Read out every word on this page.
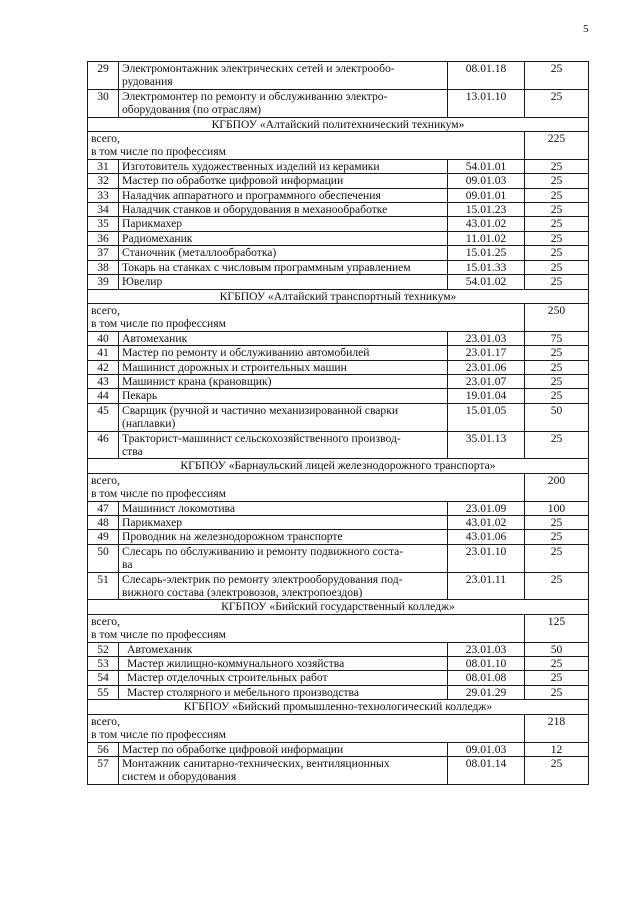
5
29	Электромонтажник электрических сетей и электрообо-
рудования	08.01.18	25
30	Электромонтер по ремонту и обслуживанию электро-
оборудования (по отраслям)	13.01.10	25
КГБПОУ «Алтайский политехнический техникум»			
всего,
в том числе по профессиям			225
31	Изготовитель художественных изделий из керамики	54.01.01	25
32	Мастер по обработке цифровой информации	09.01.03	25
33	Наладчик аппаратного и программного обеспечения	09.01.01	25
34	Наладчик станков и оборудования в механообработке	15.01.23	25
35	Парикмахер	43.01.02	25
36	Радиомеханик	11.01.02	25
37	Станочник (металлообработка)	15.01.25	25
38	Токарь на станках с числовым программным управлением	15.01.33	25
39	Ювелир	54.01.02	25
КГБПОУ «Алтайский транспортный техникум»			
всего,
в том числе по профессиям			250
40	Автомеханик	23.01.03	75
41	Мастер по ремонту и обслуживанию автомобилей	23.01.17	25
42	Машинист дорожных и строительных машин	23.01.06	25
43	Машинист крана (крановщик)	23.01.07	25
44	Пекарь	19.01.04	25
45	Сварщик (ручной и частично механизированной сварки
(наплавки)	15.01.05	50
46	Тракторист-машинист сельскохозяйственного производ-
ства	35.01.13	25
КГБПОУ «Барнаульский лицей железнодорожного транспорта»			
всего,
в том числе по профессиям			200
47	Машинист локомотива	23.01.09	100
48	Парикмахер	43.01.02	25
49	Проводник на железнодорожном транспорте	43.01.06	25
50	Слесарь по обслуживанию и ремонту подвижного соста-
ва	23.01.10	25
51	Слесарь-электрик по ремонту электрооборудования под-
вижного состава (электровозов, электропоездов)	23.01.11	25
КГБПОУ «Бийский государственный колледж»			
всего,
в том числе по профессиям			125
52	Автомеханик	23.01.03	50
53	Мастер жилищно-коммунального хозяйства	08.01.10	25
54	Мастер отделочных строительных работ	08.01.08	25
55	Мастер столярного и мебельного производства	29.01.29	25
КГБПОУ «Бийский промышленно-технологический колледж»			
всего,
в том числе по профессиям			218
56	Мастер по обработке цифровой информации	09.01.03	12
57	Монтажник санитарно-технических, вентиляционных
систем и оборудования	08.01.14	25
